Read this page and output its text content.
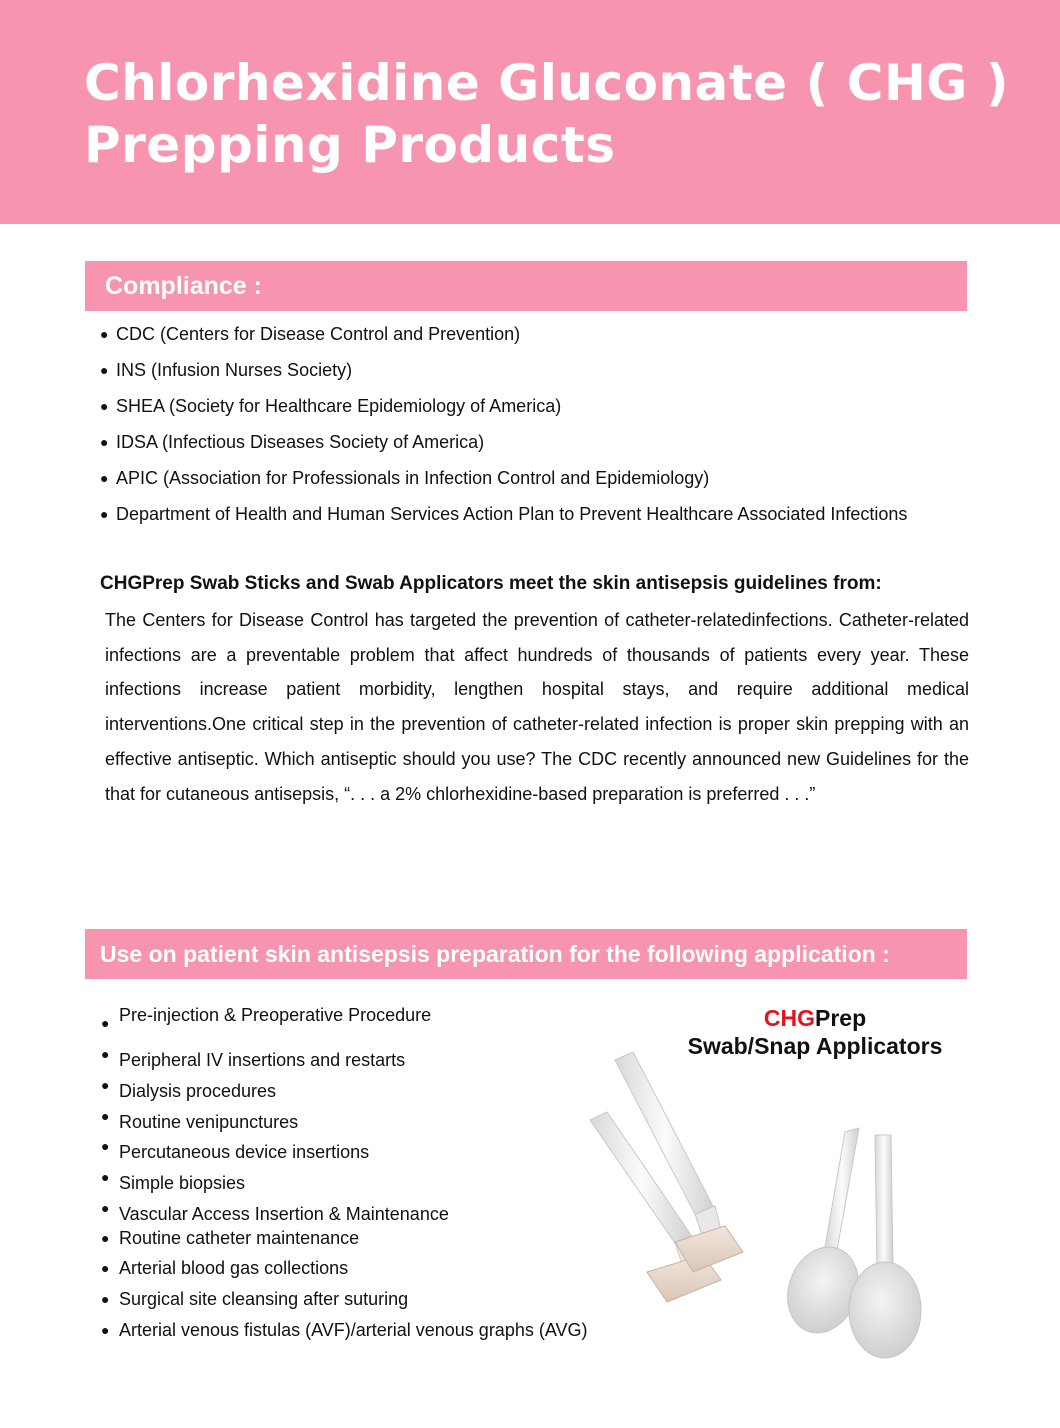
Chlorhexidine Gluconate ( CHG )
Prepping Products
Compliance :
● CDC (Centers for Disease Control and Prevention)
● INS (Infusion Nurses Society)
● SHEA (Society for Healthcare Epidemiology of America)
● IDSA (Infectious Diseases Society of America)
● APIC (Association for Professionals in Infection Control and Epidemiology)
● Department of Health and Human Services Action Plan to Prevent Healthcare Associated Infections
CHGPrep Swab Sticks and Swab Applicators meet the skin antisepsis guidelines from:

The Centers for Disease Control has targeted the prevention of catheter-relatedinfections. Catheter-related infections are a preventable problem that affect hundreds of thousands of patients every year. These infections increase patient morbidity, lengthen hospital stays, and require additional medical interventions.One critical step in the prevention of catheter-related infection is proper skin prepping with an effective antiseptic. Which antiseptic should you use? The CDC recently announced new Guidelines for the that for cutaneous antisepsis, “. . . a 2% chlorhexidine-based preparation is preferred . . .”

Use on patient skin antisepsis preparation for the following application :
● Pre-injection & Preoperative Procedure
● Peripheral IV insertions and restarts
● Dialysis procedures
● Routine venipunctures
● Percutaneous device insertions
● Simple biopsies
● Vascular Access Insertion & Maintenance
● Routine catheter maintenance
● Arterial blood gas collections
● Surgical site cleansing after suturing
● Arterial venous fistulas (AVF)/arterial venous graphs (AVG)
CHGPrep
Swab/Snap Applicators
